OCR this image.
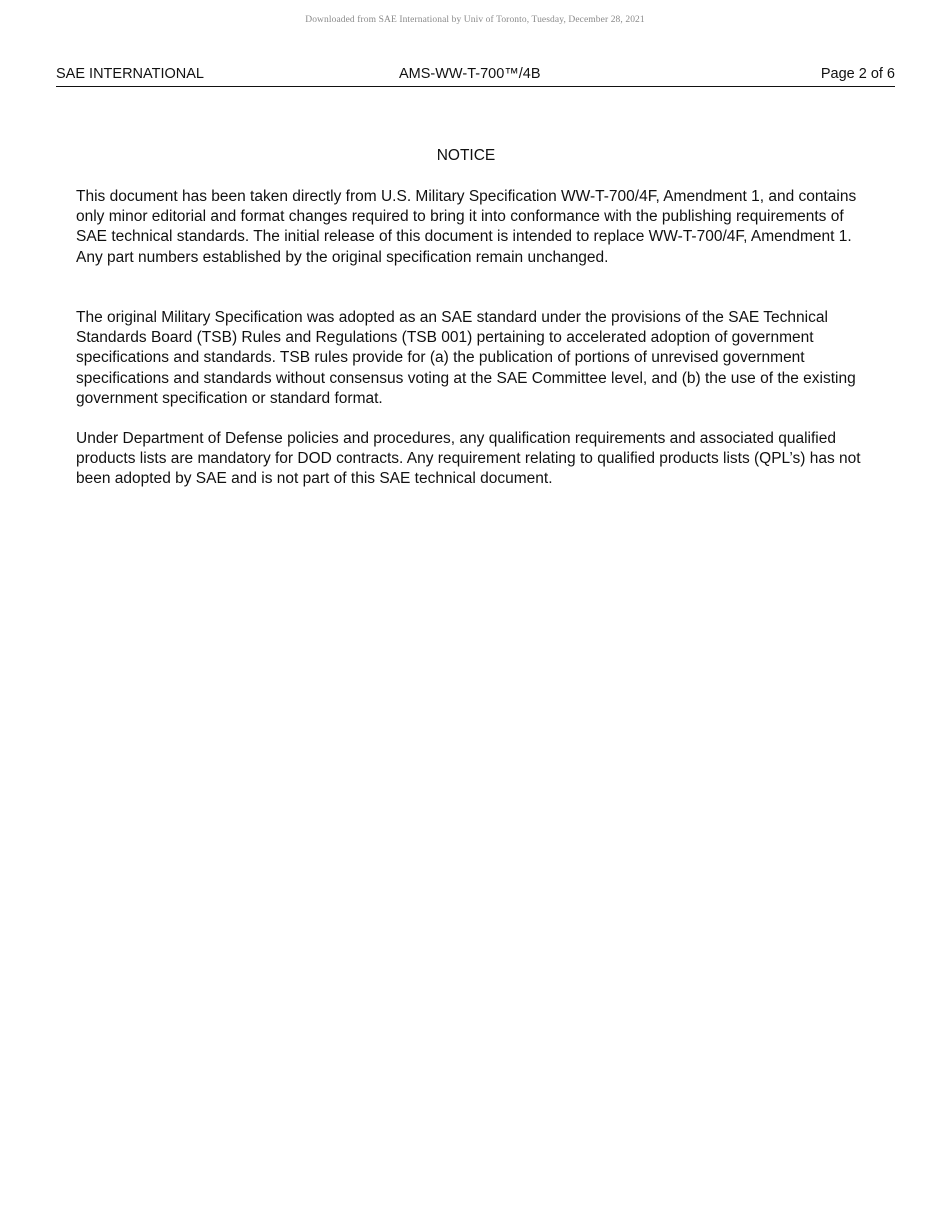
Downloaded from SAE International by Univ of Toronto, Tuesday, December 28, 2021
SAE INTERNATIONAL	AMS-WW-T-700™/4B	Page 2 of 6
NOTICE

This document has been taken directly from U.S. Military Specification WW-T-700/4F, Amendment 1, and contains only minor editorial and format changes required to bring it into conformance with the publishing requirements of SAE technical standards. The initial release of this document is intended to replace WW-T-700/4F, Amendment 1. Any part numbers established by the original specification remain unchanged.

The original Military Specification was adopted as an SAE standard under the provisions of the SAE Technical Standards Board (TSB) Rules and Regulations (TSB 001) pertaining to accelerated adoption of government specifications and standards. TSB rules provide for (a) the publication of portions of unrevised government specifications and standards without consensus voting at the SAE Committee level, and (b) the use of the existing government specification or standard format.

Under Department of Defense policies and procedures, any qualification requirements and associated qualified products lists are mandatory for DOD contracts. Any requirement relating to qualified products lists (QPL’s) has not been adopted by SAE and is not part of this SAE technical document.
